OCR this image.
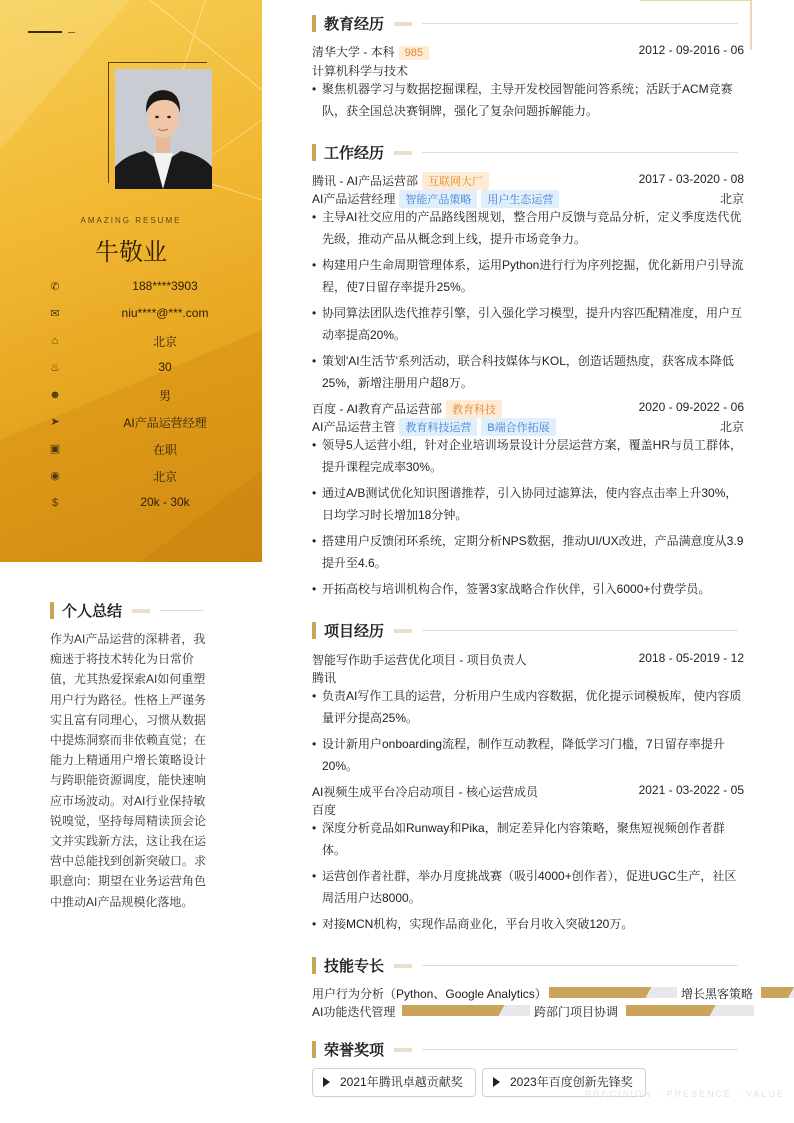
AMAZING RESUME
牛敬业
✆	188****3903
✉	niu****@***.com
⌂	北京
♨	30
☻	男
➤	AI产品运营经理
▣	在职
◉	北京
$	20k - 30k
个人总结
作为AI产品运营的深耕者，我痴迷于将技术转化为日常价值，尤其热爱探索AI如何重塑用户行为路径。性格上严谨务实且富有同理心，习惯从数据中提炼洞察而非依赖直觉；在能力上精通用户增长策略设计与跨职能资源调度，能快速响应市场波动。对AI行业保持敏锐嗅觉，坚持每周精读顶会论文并实践新方法，这让我在运营中总能找到创新突破口。求职意向：期望在业务运营角色中推动AI产品规模化落地。
教育经历
清华大学 - 本科 985	2012 - 09-2016 - 06
计算机科学与技术
• 聚焦机器学习与数据挖掘课程，主导开发校园智能问答系统；活跃于ACM竞赛队，获全国总决赛铜牌，强化了复杂问题拆解能力。
工作经历
腾讯 - AI产品运营部 互联网大厂	2017 - 03-2020 - 08
AI产品运营经理 智能产品策略 用户生态运营	北京
• 主导AI社交应用的产品路线图规划，整合用户反馈与竞品分析，定义季度迭代优先级，推动产品从概念到上线，提升市场竞争力。
• 构建用户生命周期管理体系，运用Python进行行为序列挖掘，优化新用户引导流程，使7日留存率提升25%。
• 协同算法团队迭代推荐引擎，引入强化学习模型，提升内容匹配精准度，用户互动率提高20%。
• 策划'AI生活节'系列活动，联合科技媒体与KOL，创造话题热度，获客成本降低25%，新增注册用户超8万。
百度 - AI教育产品运营部 教育科技	2020 - 09-2022 - 06
AI产品运营主管 教育科技运营 B端合作拓展	北京
• 领导5人运营小组，针对企业培训场景设计分层运营方案，覆盖HR与员工群体，提升课程完成率30%。
• 通过A/B测试优化知识图谱推荐，引入协同过滤算法，使内容点击率上升30%，日均学习时长增加18分钟。
• 搭建用户反馈闭环系统，定期分析NPS数据，推动UI/UX改进，产品满意度从3.9提升至4.6。
• 开拓高校与培训机构合作，签署3家战略合作伙伴，引入6000+付费学员。
项目经历
智能写作助手运营优化项目 - 项目负责人	2018 - 05-2019 - 12
腾讯
• 负责AI写作工具的运营，分析用户生成内容数据，优化提示词模板库，使内容质量评分提高25%。
• 设计新用户onboarding流程，制作互动教程，降低学习门槛，7日留存率提升20%。
AI视频生成平台冷启动项目 - 核心运营成员	2021 - 03-2022 - 05
百度
• 深度分析竞品如Runway和Pika，制定差异化内容策略，聚焦短视频创作者群体。
• 运营创作者社群，举办月度挑战赛（吸引4000+创作者），促进UGC生产，社区周活用户达8000。
• 对接MCN机构，实现作品商业化，平台月收入突破120万。
技能专长
用户行为分析（Python、Google Analytics）	增长黑客策略
AI功能迭代管理	跨部门项目协调
荣誉奖项
2021年腾讯卓越贡献奖	2023年百度创新先锋奖
PRECISION · PRESENCE · VALUE
